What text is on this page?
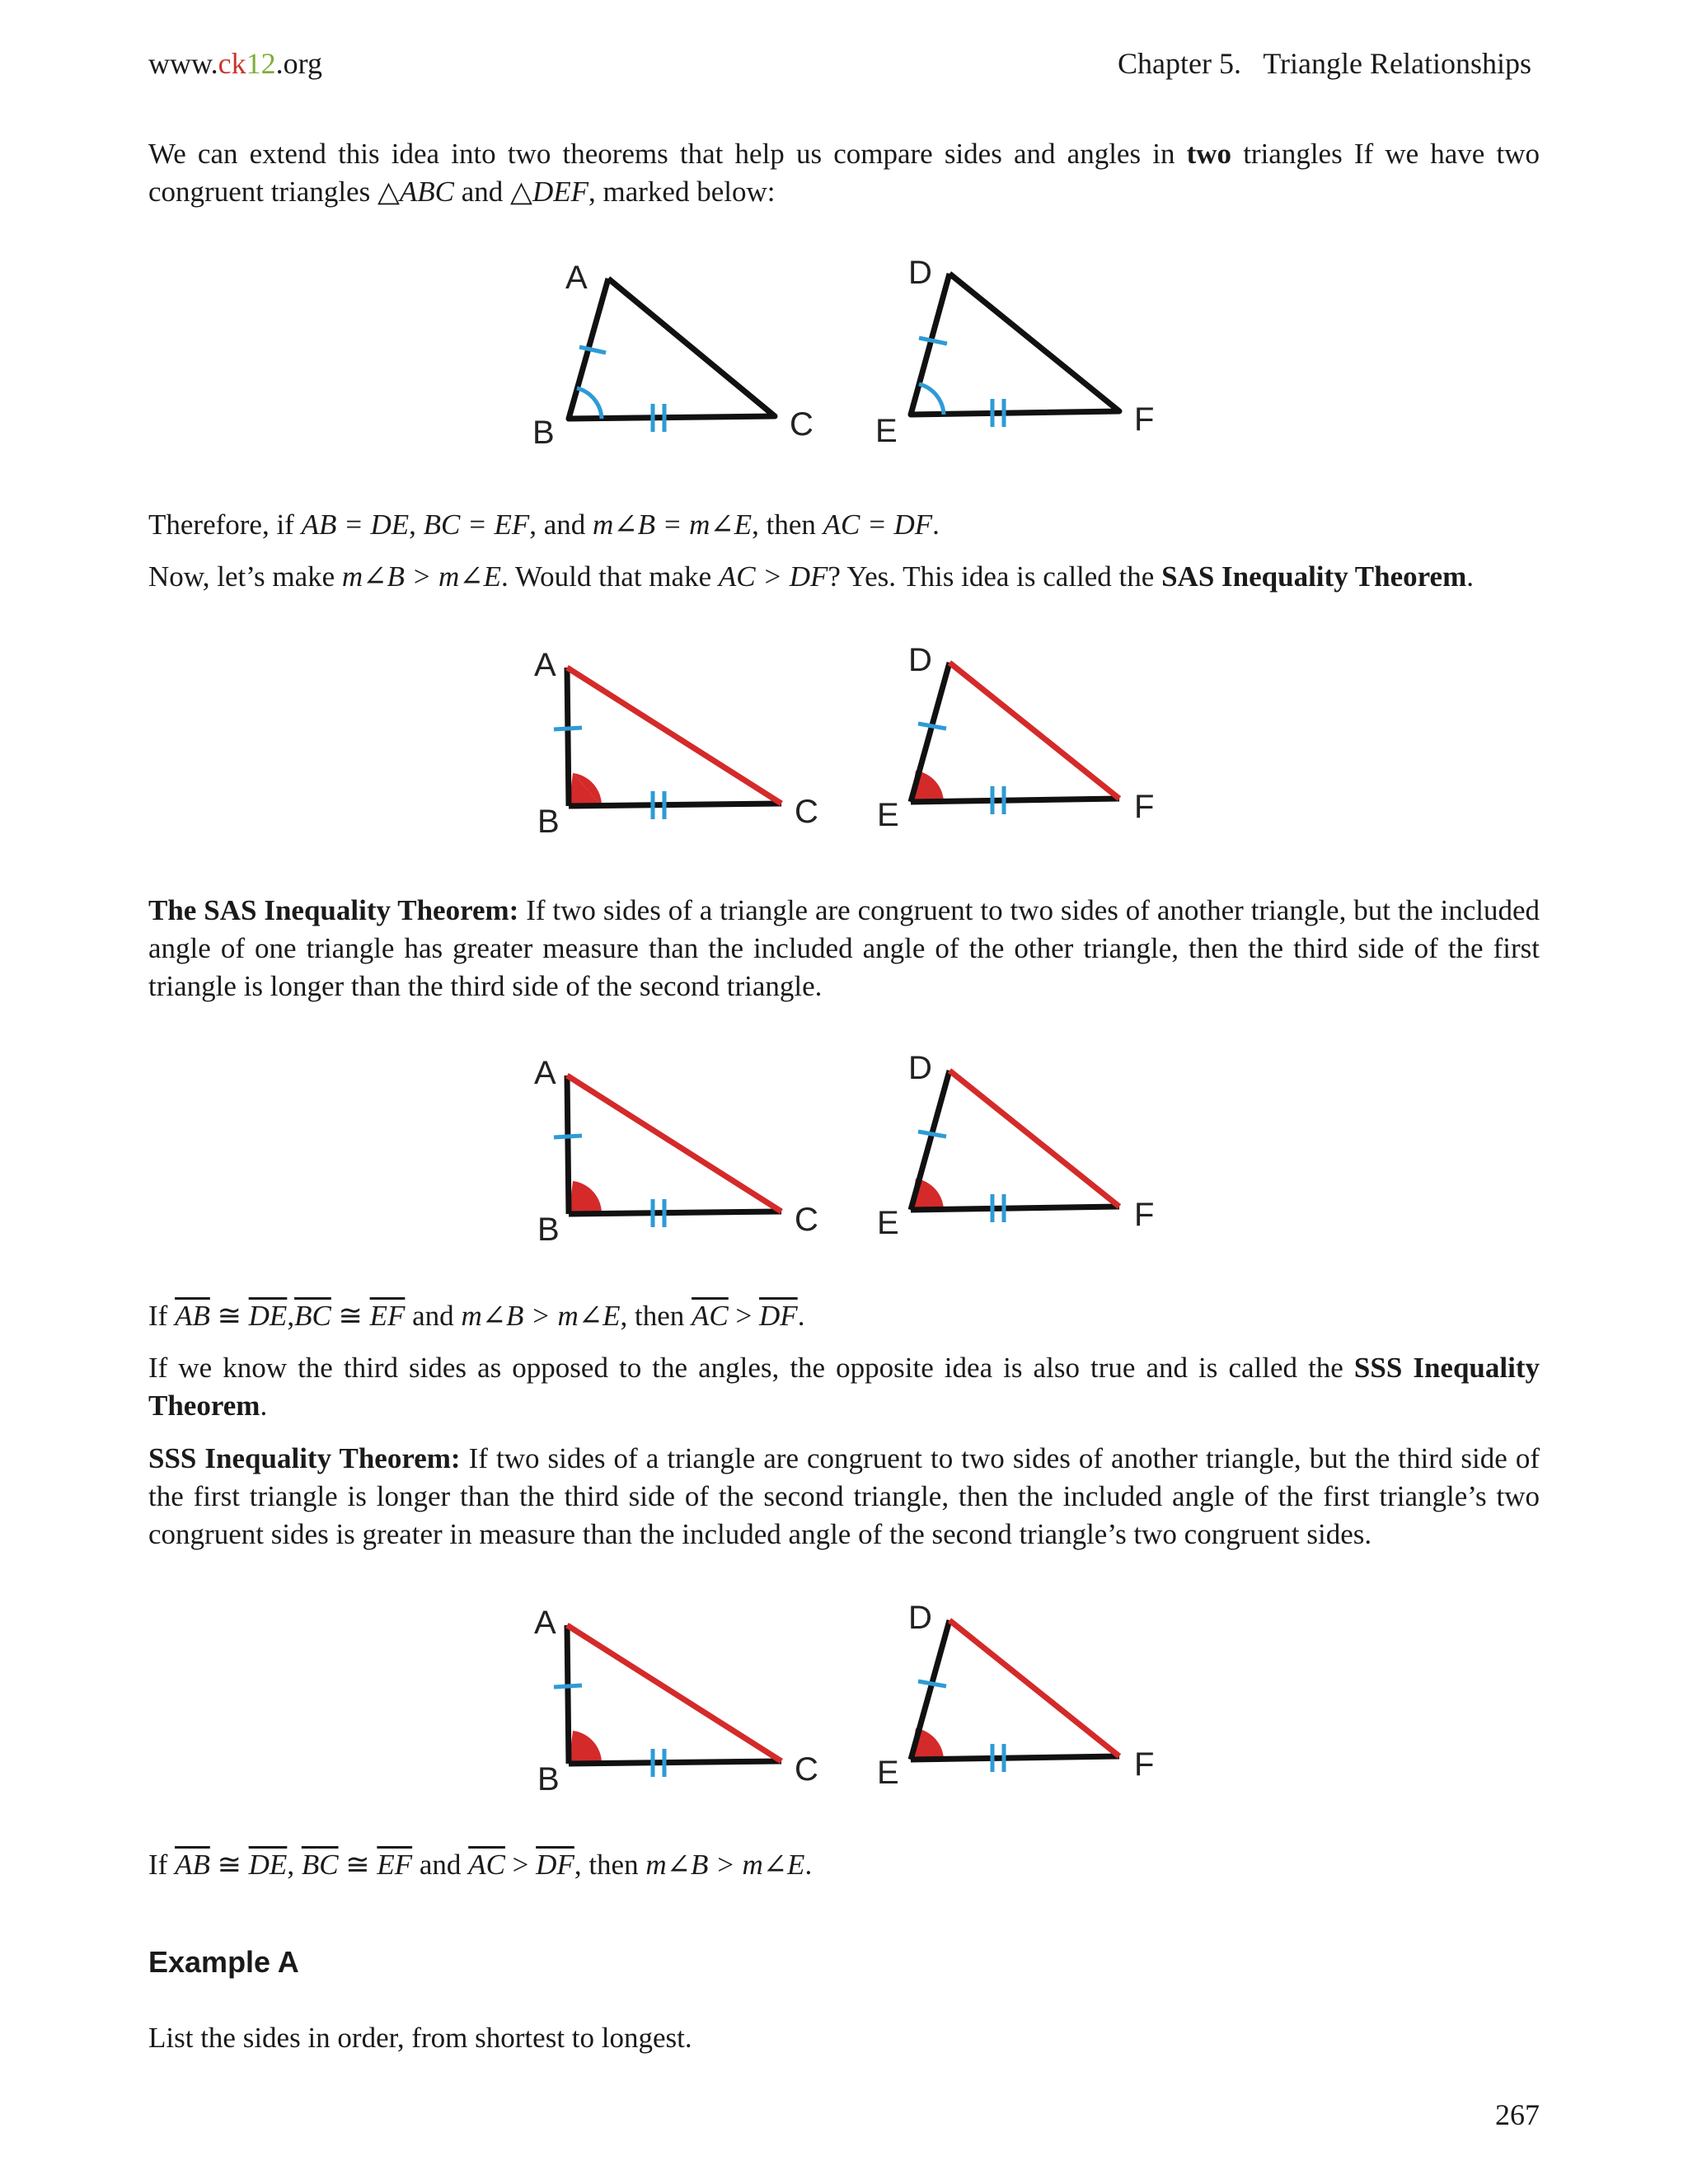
www.ck12.org	Chapter 5.   Triangle Relationships
We can extend this idea into two theorems that help us compare sides and angles in two triangles If we have two congruent triangles △ABC and △DEF, marked below:
A
B	C
D
E	F
Therefore, if AB = DE, BC = EF, and m∠B = m∠E, then AC = DF.
Now, let’s make m∠B > m∠E. Would that make AC > DF? Yes. This idea is called the SAS Inequality Theorem.
A
B	C
D
E	F
The SAS Inequality Theorem: If two sides of a triangle are congruent to two sides of another triangle, but the included angle of one triangle has greater measure than the included angle of the other triangle, then the third side of the first triangle is longer than the third side of the second triangle.
A
B	C
D
E	F
If $\overline{AB}$ ≅ $\overline{DE},\overline{BC}$ ≅ $\overline{EF}$ and m∠B > m∠E, then $\overline{AC} > \overline{DF}$.
If we know the third sides as opposed to the angles, the opposite idea is also true and is called the SSS Inequality Theorem.
SSS Inequality Theorem: If two sides of a triangle are congruent to two sides of another triangle, but the third side of the first triangle is longer than the third side of the second triangle, then the included angle of the first triangle’s two congruent sides is greater in measure than the included angle of the second triangle’s two congruent sides.
A
B	C
D
E	F
If $\overline{AB}$ ≅ $\overline{DE}$, $\overline{BC}$ ≅ $\overline{EF}$ and $\overline{AC} > \overline{DF}$, then m∠B > m∠E.
Example A
List the sides in order, from shortest to longest.
267
